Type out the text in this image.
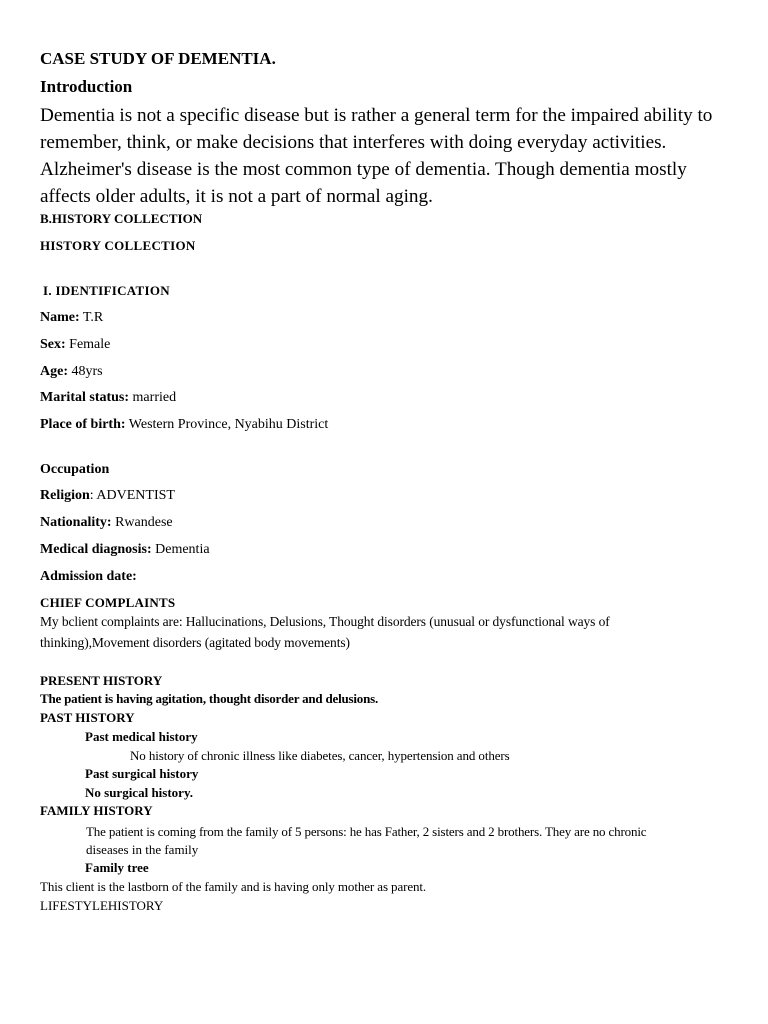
CASE STUDY OF DEMENTIA.
Introduction
Dementia is not a specific disease but is rather a general term for the impaired ability to remember, think, or make decisions that interferes with doing everyday activities. Alzheimer's disease is the most common type of dementia. Though dementia mostly affects older adults, it is not a part of normal aging.
B.HISTORY COLLECTION
HISTORY COLLECTION
I. IDENTIFICATION
Name: T.R
Sex: Female
Age: 48yrs
Marital status: married
Place of birth: Western Province, Nyabihu District
Occupation
Religion: ADVENTIST
Nationality: Rwandese
Medical diagnosis: Dementia
Admission date:
CHIEF COMPLAINTS
My bclient complaints are: Hallucinations, Delusions, Thought disorders (unusual or dysfunctional ways of
thinking),Movement disorders (agitated body movements)
PRESENT HISTORY
The patient is having agitation, thought disorder and delusions.
PAST HISTORY
Past medical history
No history of chronic illness like diabetes, cancer, hypertension and others
Past surgical history
No surgical history.
FAMILY HISTORY
The patient is coming from the family of 5 persons: he has Father, 2 sisters and 2 brothers. They are no chronic
diseases in the family
Family tree
This client is the lastborn of the family and is having only mother as parent.
LIFESTYLEHISTORY
